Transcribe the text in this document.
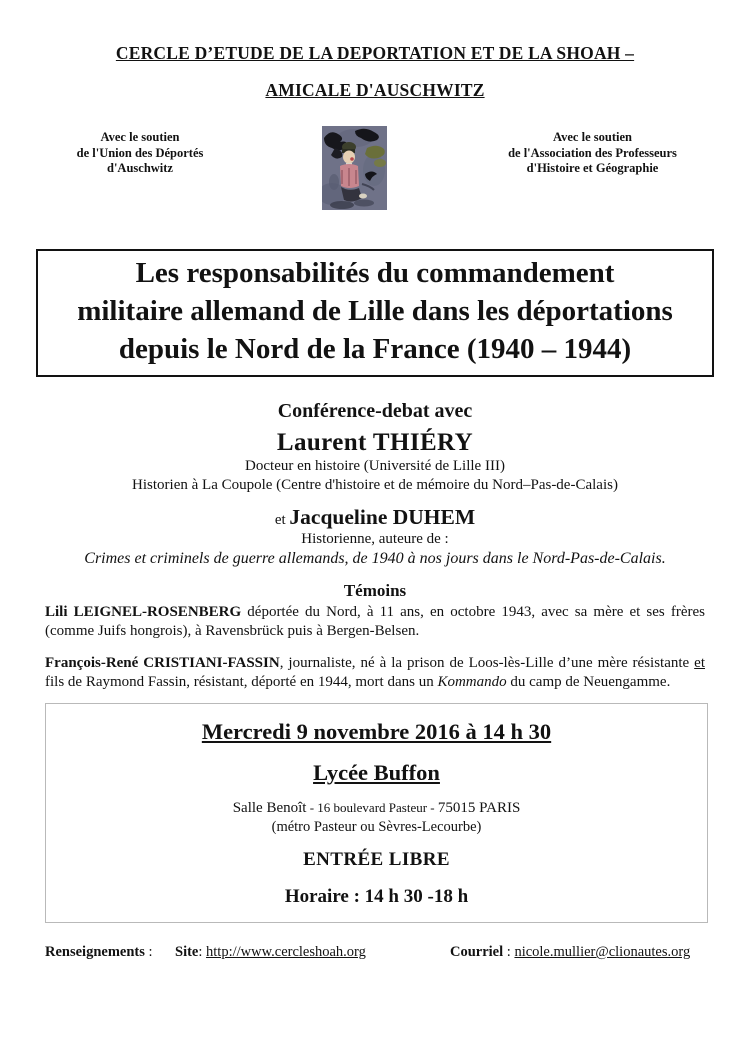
CERCLE D’ETUDE DE LA DEPORTATION ET DE LA SHOAH –
AMICALE D'AUSCHWITZ
Avec le soutien
de l'Union des Déportés
d'Auschwitz
Avec le soutien
de l'Association des Professeurs
d'Histoire et Géographie
Les responsabilités du commandement
militaire allemand de Lille dans les déportations
depuis le Nord de la France (1940 – 1944)
Conférence-debat avec
Laurent THIÉRY
Docteur en histoire (Université de Lille III)
Historien à La Coupole (Centre d'histoire et de mémoire du Nord–Pas-de-Calais)
et Jacqueline DUHEM
Historienne, auteure de :
Crimes et criminels de guerre allemands, de 1940 à nos jours dans le Nord-Pas-de-Calais.
Témoins

Lili LEIGNEL-ROSENBERG déportée du Nord, à 11 ans, en octobre 1943, avec sa mère et ses frères (comme Juifs hongrois), à Ravensbrück puis à Bergen-Belsen.

François-René CRISTIANI-FASSIN, journaliste, né à la prison de Loos-lès-Lille d’une mère résistante et fils de Raymond Fassin, résistant, déporté en 1944, mort dans un Kommando du camp de Neuengamme.

Mercredi 9 novembre 2016 à 14 h 30
Lycée Buffon
Salle Benoît - 16 boulevard Pasteur - 75015 PARIS
(métro Pasteur ou Sèvres-Lecourbe)
ENTRÉE LIBRE
Horaire : 14 h 30 -18 h
Renseignements : Site: http://www.cercleshoah.org	Courriel : nicole.mullier@clionautes.org
